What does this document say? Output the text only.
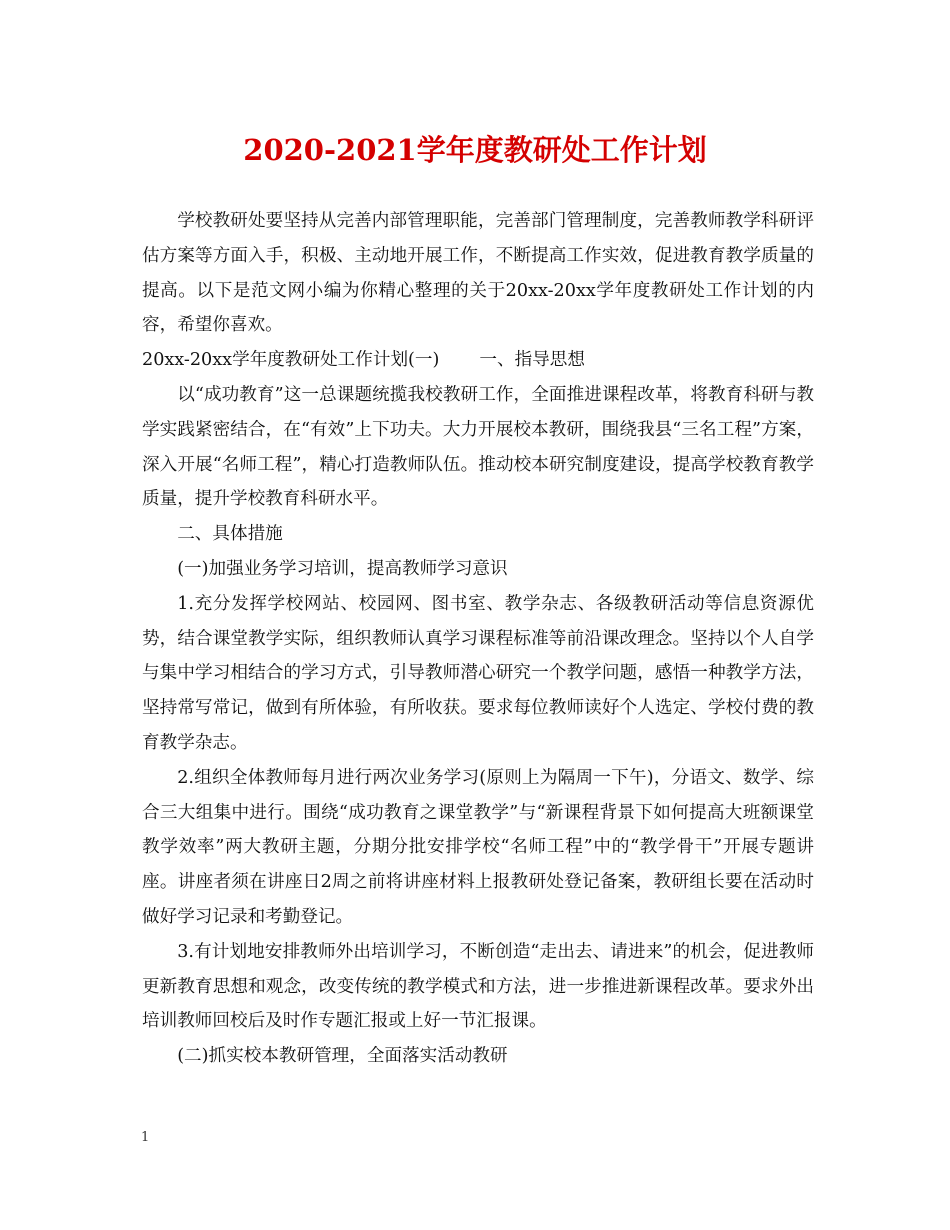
2020-2021学年度教研处工作计划

学校教研处要坚持从完善内部管理职能，完善部门管理制度，完善教师教学科研评估方案等方面入手，积极、主动地开展工作，不断提高工作实效，促进教育教学质量的提高。以下是范文网小编为你精心整理的关于20xx-20xx学年度教研处工作计划的内容，希望你喜欢。

20xx-20xx学年度教研处工作计划(一) 一、指导思想

以“成功教育”这一总课题统揽我校教研工作，全面推进课程改革，将教育科研与教学实践紧密结合，在“有效”上下功夫。大力开展校本教研，围绕我县“三名工程”方案，深入开展“名师工程”，精心打造教师队伍。推动校本研究制度建设，提高学校教育教学质量，提升学校教育科研水平。

二、具体措施

(一)加强业务学习培训，提高教师学习意识

1.充分发挥学校网站、校园网、图书室、教学杂志、各级教研活动等信息资源优势，结合课堂教学实际，组织教师认真学习课程标准等前沿课改理念。坚持以个人自学与集中学习相结合的学习方式，引导教师潜心研究一个教学问题，感悟一种教学方法，坚持常写常记，做到有所体验，有所收获。要求每位教师读好个人选定、学校付费的教育教学杂志。

2.组织全体教师每月进行两次业务学习(原则上为隔周一下午)，分语文、数学、综合三大组集中进行。围绕“成功教育之课堂教学”与“新课程背景下如何提高大班额课堂教学效率”两大教研主题，分期分批安排学校“名师工程”中的“教学骨干”开展专题讲座。讲座者须在讲座日2周之前将讲座材料上报教研处登记备案，教研组长要在活动时做好学习记录和考勤登记。

3.有计划地安排教师外出培训学习，不断创造“走出去、请进来”的机会，促进教师更新教育思想和观念，改变传统的教学模式和方法，进一步推进新课程改革。要求外出培训教师回校后及时作专题汇报或上好一节汇报课。

(二)抓实校本教研管理，全面落实活动教研

1
